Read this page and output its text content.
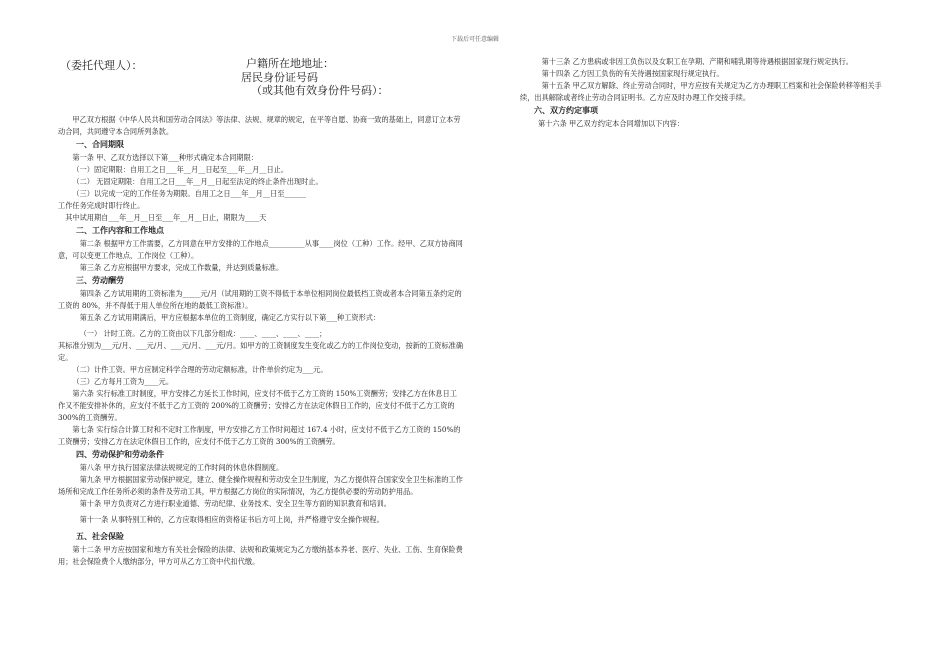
下载后可任意编辑
（委托代理人）：	户籍所在地地址：
居民身份证号码
（或其他有效身份件号码）：

甲乙双方根据《中华人民共和国劳动合同法》等法律、法规、规章的规定，在平等自愿、协商一致的基础上，同意订立本劳动合同，共同遵守本合同所列条款。

一、合同期限

第一条 甲、乙双方选择以下第___种形式确定本合同期限：

（一）固定期限：自用工之日___年__月__日起至___年__月__日止。

（二） 无固定期限：自用工之日___年__月__日起至法定的终止条件出现时止。

（三）以完成一定的工作任务为期限。自用工之日___年__月__日至______

工作任务完成时即行终止。

其中试用期自___年__月__日至___年__月__日止，期限为____天

二、工作内容和工作地点

第二条 根据甲方工作需要，乙方同意在甲方安排的工作地点__________从事____岗位（工种）工作。经甲、乙双方协商同意，可以变更工作地点、工作岗位（工种）。

第三条 乙方应根据甲方要求，完成工作数量，并达到质量标准。

三、劳动酬劳

第四条 乙方试用期的工资标准为_____元/月（试用期的工资不得低于本单位相同岗位最低档工资或者本合同第五条约定的工资的 80%，并不得低于用人单位所在地的最低工资标准）。

第五条 乙方试用期满后，甲方应根据本单位的工资制度，确定乙方实行以下第___种工资形式：

（一） 计时工资。乙方的工资由以下几部分组成：____、____、____、____；

其标准分别为___元/月、___元/月、___元/月、___元/月。如甲方的工资制度发生变化或乙方的工作岗位变动，按新的工资标准确定。

（二）计件工资。甲方应制定科学合理的劳动定额标准，计件单价约定为___元。

（三）乙方每月工资为____元。

第六条 实行标准工时制度，甲方安排乙方延长工作时间，应支付不低于乙方工资的 150%工资酬劳；安排乙方在休息日工作又不能安排补休的，应支付不低于乙方工资的 200%的工资酬劳；安排乙方在法定休假日工作的，应支付不低于乙方工资的 300%的工资酬劳。

第七条 实行综合计算工时和不定时工作制度，甲方安排乙方工作时间超过 167.4 小时，应支付不低于乙方工资的 150%的工资酬劳；安排乙方在法定休假日工作的，应支付不低于乙方工资的 300%的工资酬劳。

四、劳动保护和劳动条件

第八条 甲方执行国家法律法规规定的工作时间的休息休假制度。

第九条 甲方根据国家劳动保护规定，建立、健全操作规程和劳动安全卫生制度，为乙方提供符合国家安全卫生标准的工作场所和完成工作任务所必须的条件及劳动工具，甲方根据乙方岗位的实际情况，为乙方提供必要的劳动防护用品。

第十条 甲方负责对乙方进行职业道德、劳动纪律、业务技术、安全卫生等方面的知识教育和培训。

第十一条 从事特别工种的，乙方应取得相应的资格证书后方可上岗，并严格遵守安全操作规程。

五、社会保险

第十二条 甲方应按国家和地方有关社会保险的法律、法规和政策规定为乙方缴纳基本养老、医疗、失业、工伤、生育保险费用；社会保险费个人缴纳部分，甲方可从乙方工资中代扣代缴。

第十三条 乙方患病或非因工负伤以及女职工在孕期、产期和哺乳期等待遇根据国家现行规定执行。

第十四条 乙方因工负伤的有关待遇按国家现行规定执行。

第十五条 甲乙双方解除、终止劳动合同时，甲方应按有关规定为乙方办理职工档案和社会保险转移等相关手续，出具解除或者终止劳动合同证明书。乙方应及时办理工作交接手续。

六、双方约定事项

第十六条 甲乙双方约定本合同增加以下内容：
